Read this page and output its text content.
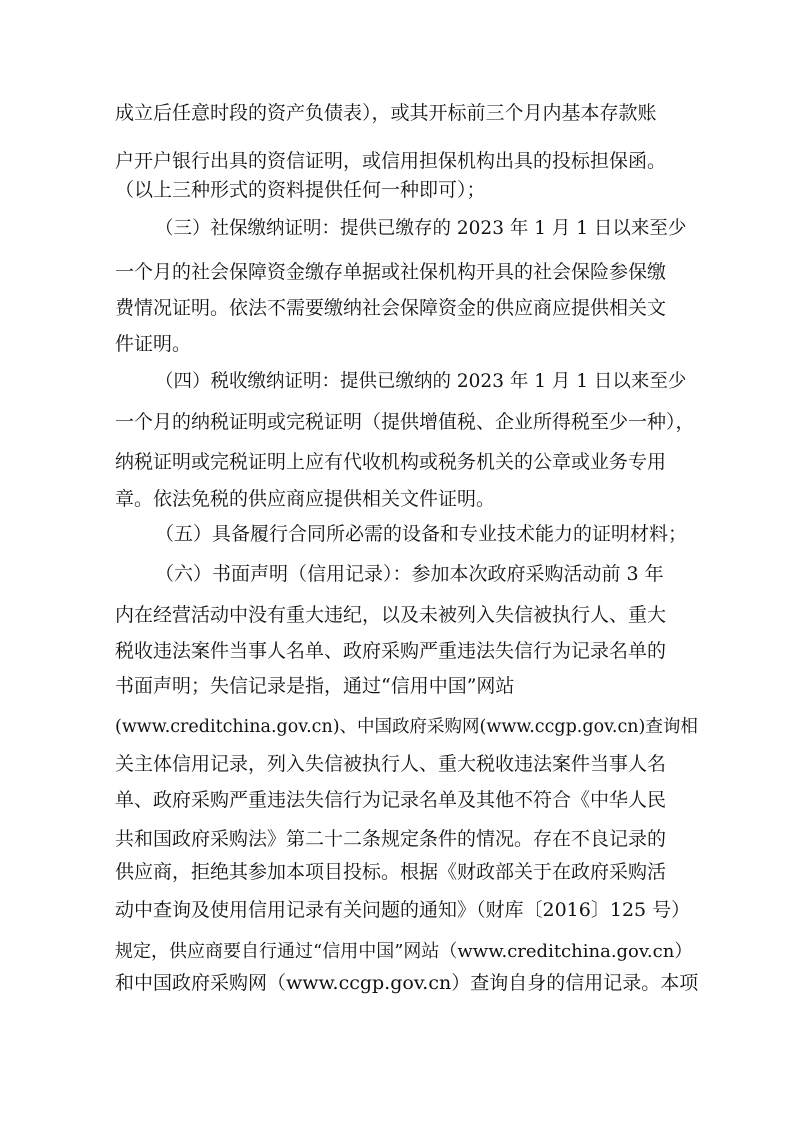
成立后任意时段的资产负债表），或其开标前三个月内基本存款账
户开户银行出具的资信证明，或信用担保机构出具的投标担保函。
（以上三种形式的资料提供任何一种即可）；
（三）社保缴纳证明：提供已缴存的 2023 年 1 月 1 日以来至少
一个月的社会保障资金缴存单据或社保机构开具的社会保险参保缴
费情况证明。依法不需要缴纳社会保障资金的供应商应提供相关文
件证明。
（四）税收缴纳证明：提供已缴纳的 2023 年 1 月 1 日以来至少
一个月的纳税证明或完税证明（提供增值税、企业所得税至少一种），
纳税证明或完税证明上应有代收机构或税务机关的公章或业务专用
章。依法免税的供应商应提供相关文件证明。
（五）具备履行合同所必需的设备和专业技术能力的证明材料；
（六）书面声明（信用记录）：参加本次政府采购活动前 3 年
内在经营活动中没有重大违纪，以及未被列入失信被执行人、重大
税收违法案件当事人名单、政府采购严重违法失信行为记录名单的
书面声明；失信记录是指，通过“信用中国”网站
(www.creditchina.gov.cn)、中国政府采购网(www.ccgp.gov.cn)查询相
关主体信用记录，列入失信被执行人、重大税收违法案件当事人名
单、政府采购严重违法失信行为记录名单及其他不符合《中华人民
共和国政府采购法》第二十二条规定条件的情况。存在不良记录的
供应商，拒绝其参加本项目投标。根据《财政部关于在政府采购活
动中查询及使用信用记录有关问题的通知》（财库〔2016〕125 号）
规定，供应商要自行通过“信用中国”网站（www.creditchina.gov.cn）
和中国政府采购网（www.ccgp.gov.cn）查询自身的信用记录。本项
